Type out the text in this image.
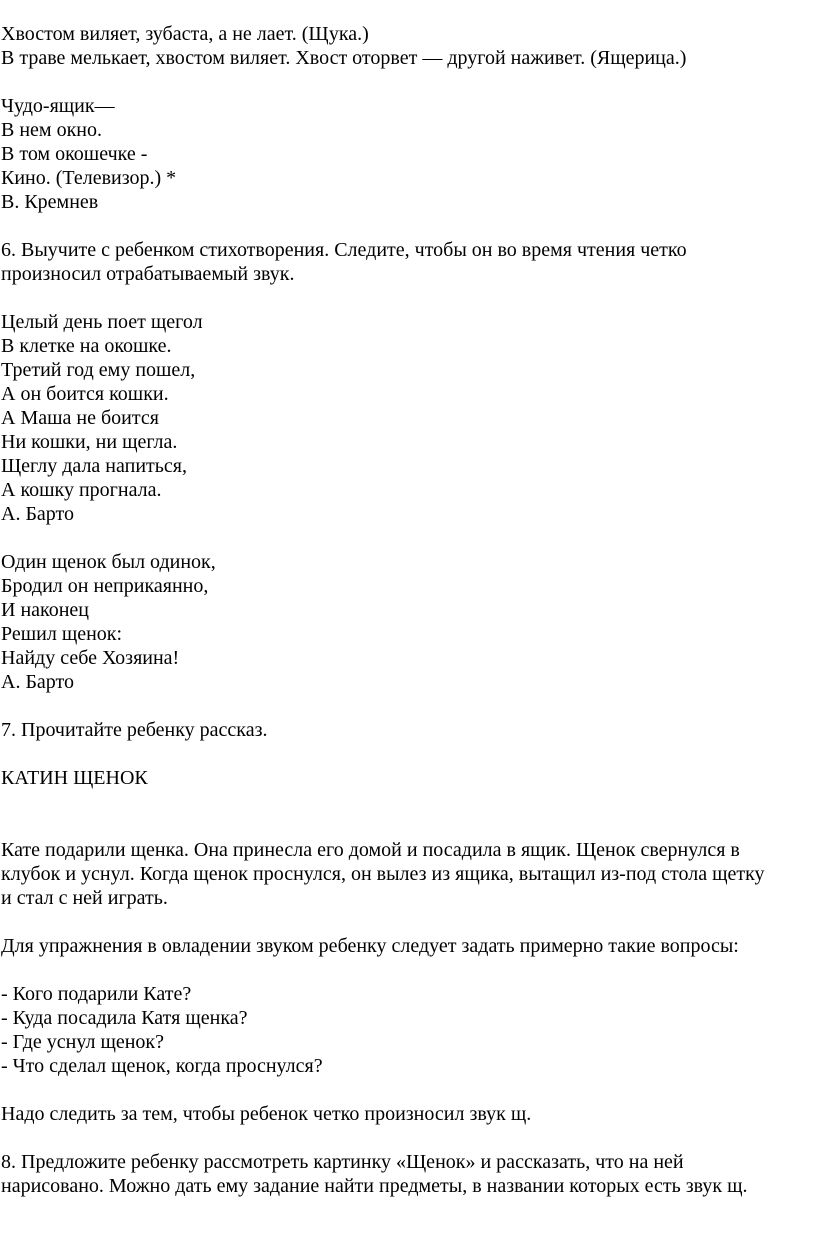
Хвостом виляет, зубаста, а не лает. (Щука.)
В траве мелькает, хвостом виляет. Хвост оторвет — другой наживет. (Ящерица.)
Чудо-ящик—
В нем окно.
В том окошечке -
Кино. (Телевизор.) *
В. Кремнев
6. Выучите с ребенком стихотворения. Следите, чтобы он во время чтения четко
произносил отрабатываемый звук.
Целый день поет щегол
В клетке на окошке.
Третий год ему пошел,
А он боится кошки.
А Маша не боится
Ни кошки, ни щегла.
Щеглу дала напиться,
А кошку прогнала.
А. Барто
Один щенок был одинок,
Бродил он неприкаянно,
И наконец
Решил щенок:
Найду себе Хозяина!
А. Барто
7. Прочитайте ребенку рассказ.
КАТИН ЩЕНОК
Кате подарили щенка. Она принесла его домой и посадила в ящик. Щенок свернулся в
клубок и уснул. Когда щенок проснулся, он вылез из ящика, вытащил из-под стола щетку
и стал с ней играть.
Для упражнения в овладении звуком ребенку следует задать примерно такие вопросы:
- Кого подарили Кате?
- Куда посадила Катя щенка?
- Где уснул щенок?
- Что сделал щенок, когда проснулся?
Надо следить за тем, чтобы ребенок четко произносил звук щ.
8. Предложите ребенку рассмотреть картинку «Щенок» и рассказать, что на ней
нарисовано. Можно дать ему задание найти предметы, в названии которых есть звук щ.
